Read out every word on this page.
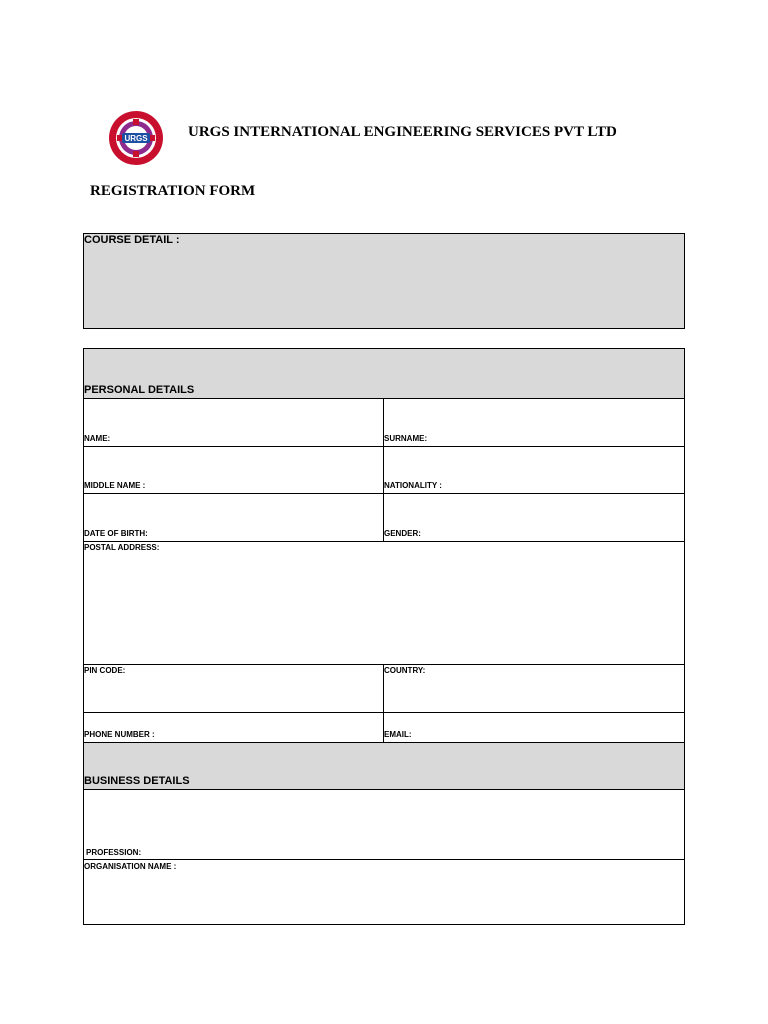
URGS	URGS INTERNATIONAL ENGINEERING SERVICES PVT LTD
REGISTRATION FORM
COURSE DETAIL :
PERSONAL DETAILS
NAME:	SURNAME:
MIDDLE NAME :	NATIONALITY :
DATE OF BIRTH:	GENDER:
POSTAL ADDRESS:
PIN CODE:	COUNTRY:
PHONE NUMBER :	EMAIL:
BUSINESS DETAILS
PROFESSION:
ORGANISATION NAME :
